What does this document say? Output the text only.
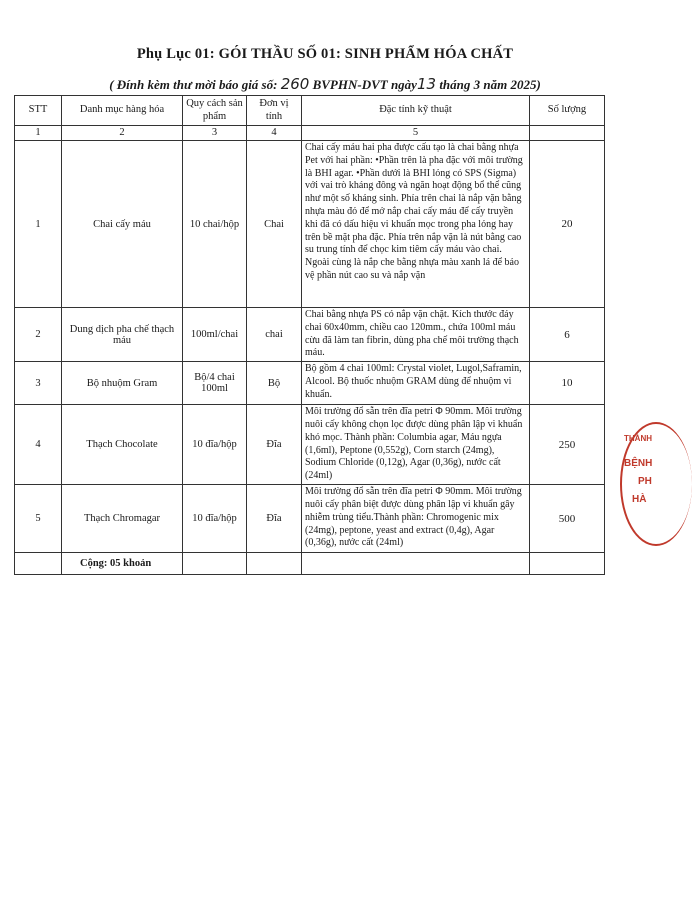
Phụ Lục 01: GÓI THẦU SỐ 01: SINH PHẨM HÓA CHẤT
( Đính kèm thư mời báo giá số: 260 BVPHN-DVT ngày13 tháng 3 năm 2025)
STT	Danh mục hàng hóa	Quy cách sản phẩm	Đơn vị tính	Đặc tính kỹ thuật	Số lượng
1	2	3	4	5	
1	Chai cấy máu	10 chai/hộp	Chai	Chai cấy máu hai pha được cấu tạo là chai bằng nhựa Pet với hai phần: •Phần trên là pha đặc với môi trường là BHI agar. •Phần dưới là BHI lỏng có SPS (Sigma) với vai trò kháng đông và ngăn hoạt động bổ thể cũng như một số kháng sinh. Phía trên chai là nắp vặn bằng nhựa màu đỏ để mở nắp chai cấy máu để cấy truyền khi đã có dấu hiệu vi khuẩn mọc trong pha lỏng hay trên bề mặt pha đặc. Phía trên nắp vặn là nút bằng cao su trung tính để chọc kim tiêm cấy máu vào chai. Ngoài cùng là nắp che bằng nhựa màu xanh lá để bảo vệ phần nút cao su và nắp vặn	20
2	Dung dịch pha chế thạch máu	100ml/chai	chai	Chai bằng nhựa PS có nắp vặn chặt. Kích thước đáy chai 60x40mm, chiều cao 120mm., chứa 100ml máu cừu đã làm tan fibrin, dùng pha chế môi trường thạch máu.	6
3	Bộ nhuộm Gram	Bộ/4 chai 100ml	Bộ	Bộ gồm 4 chai 100ml: Crystal violet, Lugol,Saframin, Alcool. Bộ thuốc nhuộm GRAM dùng để nhuộm vi khuẩn.	10
4	Thạch Chocolate	10 đĩa/hộp	Đĩa	Môi trường đổ sẵn trên đĩa petri Φ 90mm. Môi trường nuôi cấy không chọn lọc được dùng phân lập vi khuẩn khó mọc. Thành phần: Columbia agar, Máu ngựa (1,6ml), Peptone (0,552g), Corn starch (24mg), Sodium Chloride (0,12g), Agar (0,36g), nước cất (24ml)	250
5	Thạch Chromagar	10 đĩa/hộp	Đĩa	Môi trường đổ sẵn trên đĩa petri Φ 90mm. Môi trường nuôi cấy phân biệt được dùng phân lập vi khuẩn gây nhiễm trùng tiểu.Thành phần: Chromogenic mix (24mg), peptone, yeast and extract (0,4g), Agar (0,36g), nước cất (24ml)	500
	Cộng: 05 khoản				
THÀNH
BỆNH
PH
HÀ
